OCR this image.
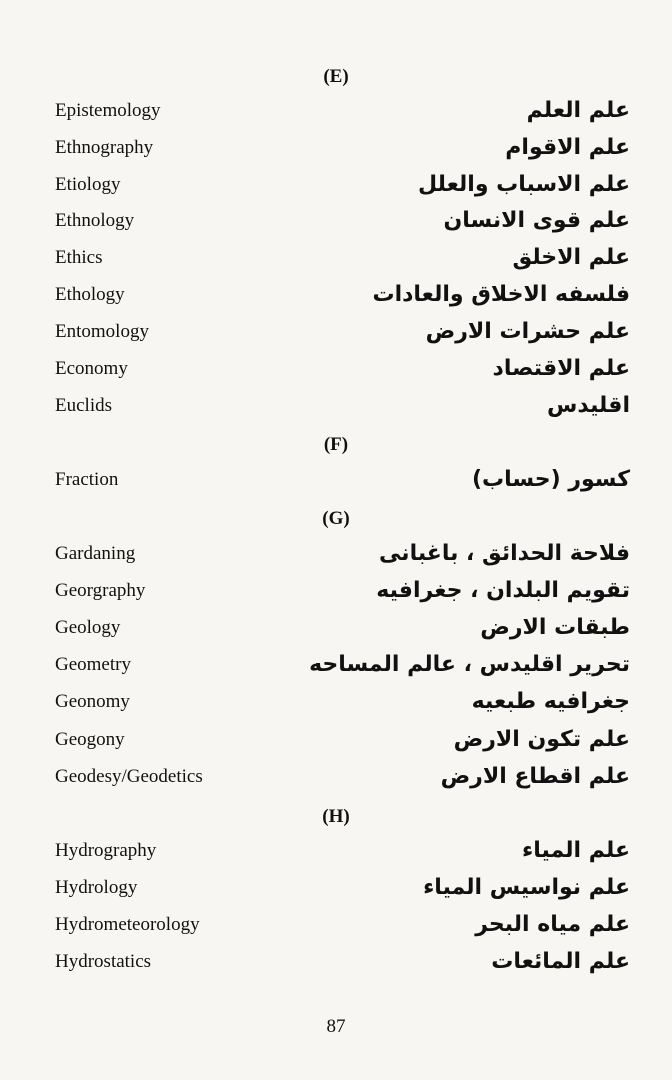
(E)
Epistemology	علم العلم
Ethnography	علم الاقوام
Etiology	علم الاسباب والعلل
Ethnology	علم قوى الانسان
Ethics	علم الاخلق
Ethology	فلسفه الاخلاق والعادات
Entomology	علم حشرات الارض
Economy	علم الاقتصاد
Euclids	اقليدس
(F)
Fraction	كسور (حساب)
(G)
Gardaning	فلاحة الحدائق ، باغبانى
Georgraphy	تقويم البلدان ، جغرافيه
Geology	طبقات الارض
Geometry	تحرير اقليدس ، عالم المساحه
Geonomy	جغرافيه طبعيه
Geogony	علم تكون الارض
Geodesy/Geodetics	علم اقطاع الارض
(H)
Hydrography	علم المياء
Hydrology	علم نواسيس المياء
Hydrometeorology	علم مياه البحر
Hydrostatics	علم المائعات
87
